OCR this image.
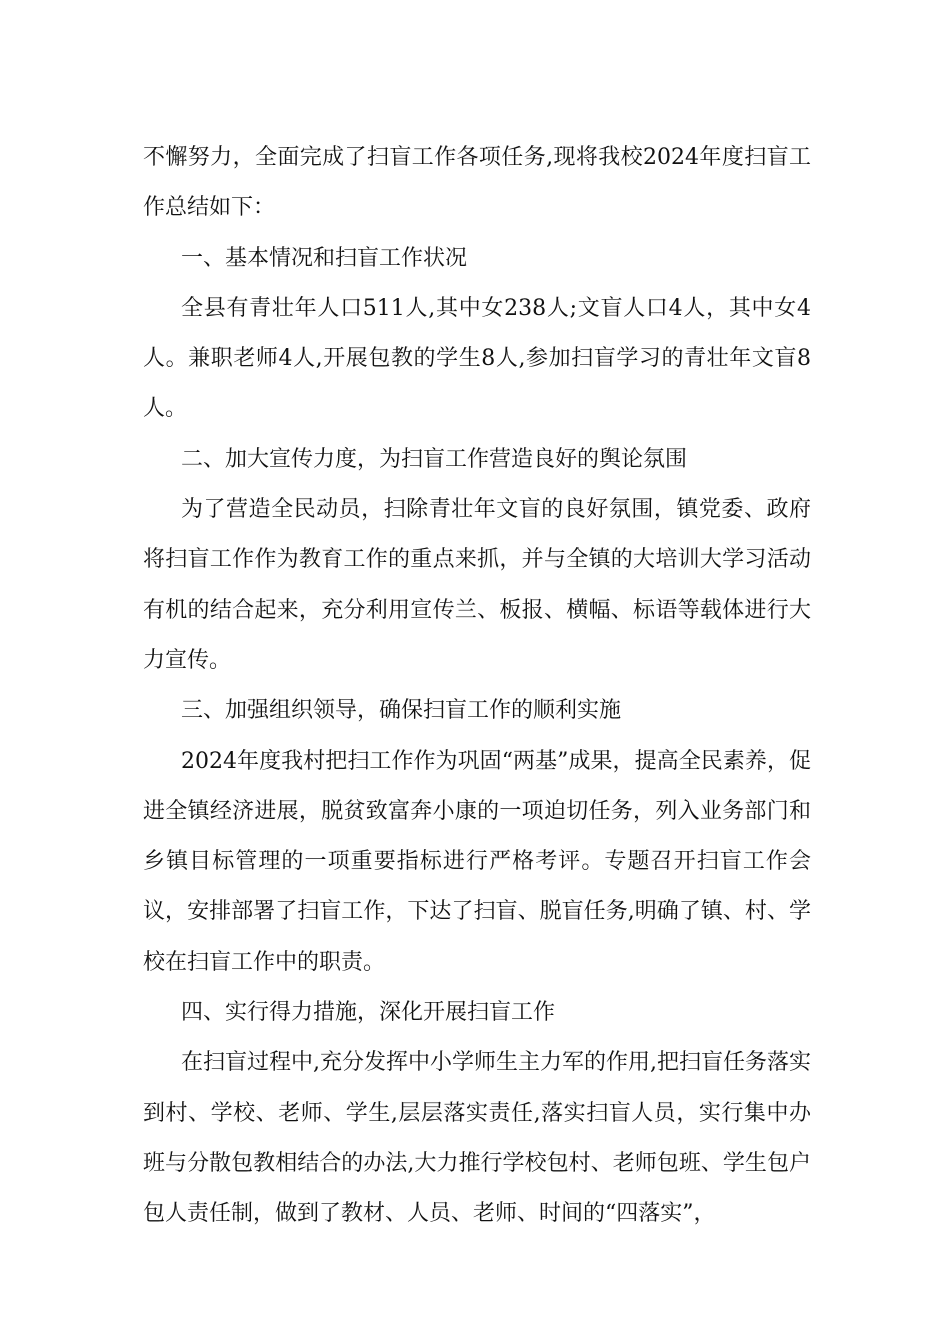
不懈努力，全面完成了扫盲工作各项任务,现将我校2024年度扫盲工作总结如下：

一、基本情况和扫盲工作状况

全县有青壮年人口511人,其中女238人;文盲人口4人，其中女4人。兼职老师4人,开展包教的学生8人,参加扫盲学习的青壮年文盲8人。

二、加大宣传力度，为扫盲工作营造良好的舆论氛围

为了营造全民动员，扫除青壮年文盲的良好氛围，镇党委、政府将扫盲工作作为教育工作的重点来抓，并与全镇的大培训大学习活动有机的结合起来，充分利用宣传兰、板报、横幅、标语等载体进行大力宣传。

三、加强组织领导，确保扫盲工作的顺利实施

2024年度我村把扫工作作为巩固“两基”成果，提高全民素养，促进全镇经济进展，脱贫致富奔小康的一项迫切任务，列入业务部门和乡镇目标管理的一项重要指标进行严格考评。专题召开扫盲工作会议，安排部署了扫盲工作，下达了扫盲、脱盲任务,明确了镇、村、学校在扫盲工作中的职责。

四、实行得力措施，深化开展扫盲工作

在扫盲过程中,充分发挥中小学师生主力军的作用,把扫盲任务落实到村、学校、老师、学生,层层落实责任,落实扫盲人员，实行集中办班与分散包教相结合的办法,大力推行学校包村、老师包班、学生包户包人责任制，做到了教材、人员、老师、时间的“四落实”，
